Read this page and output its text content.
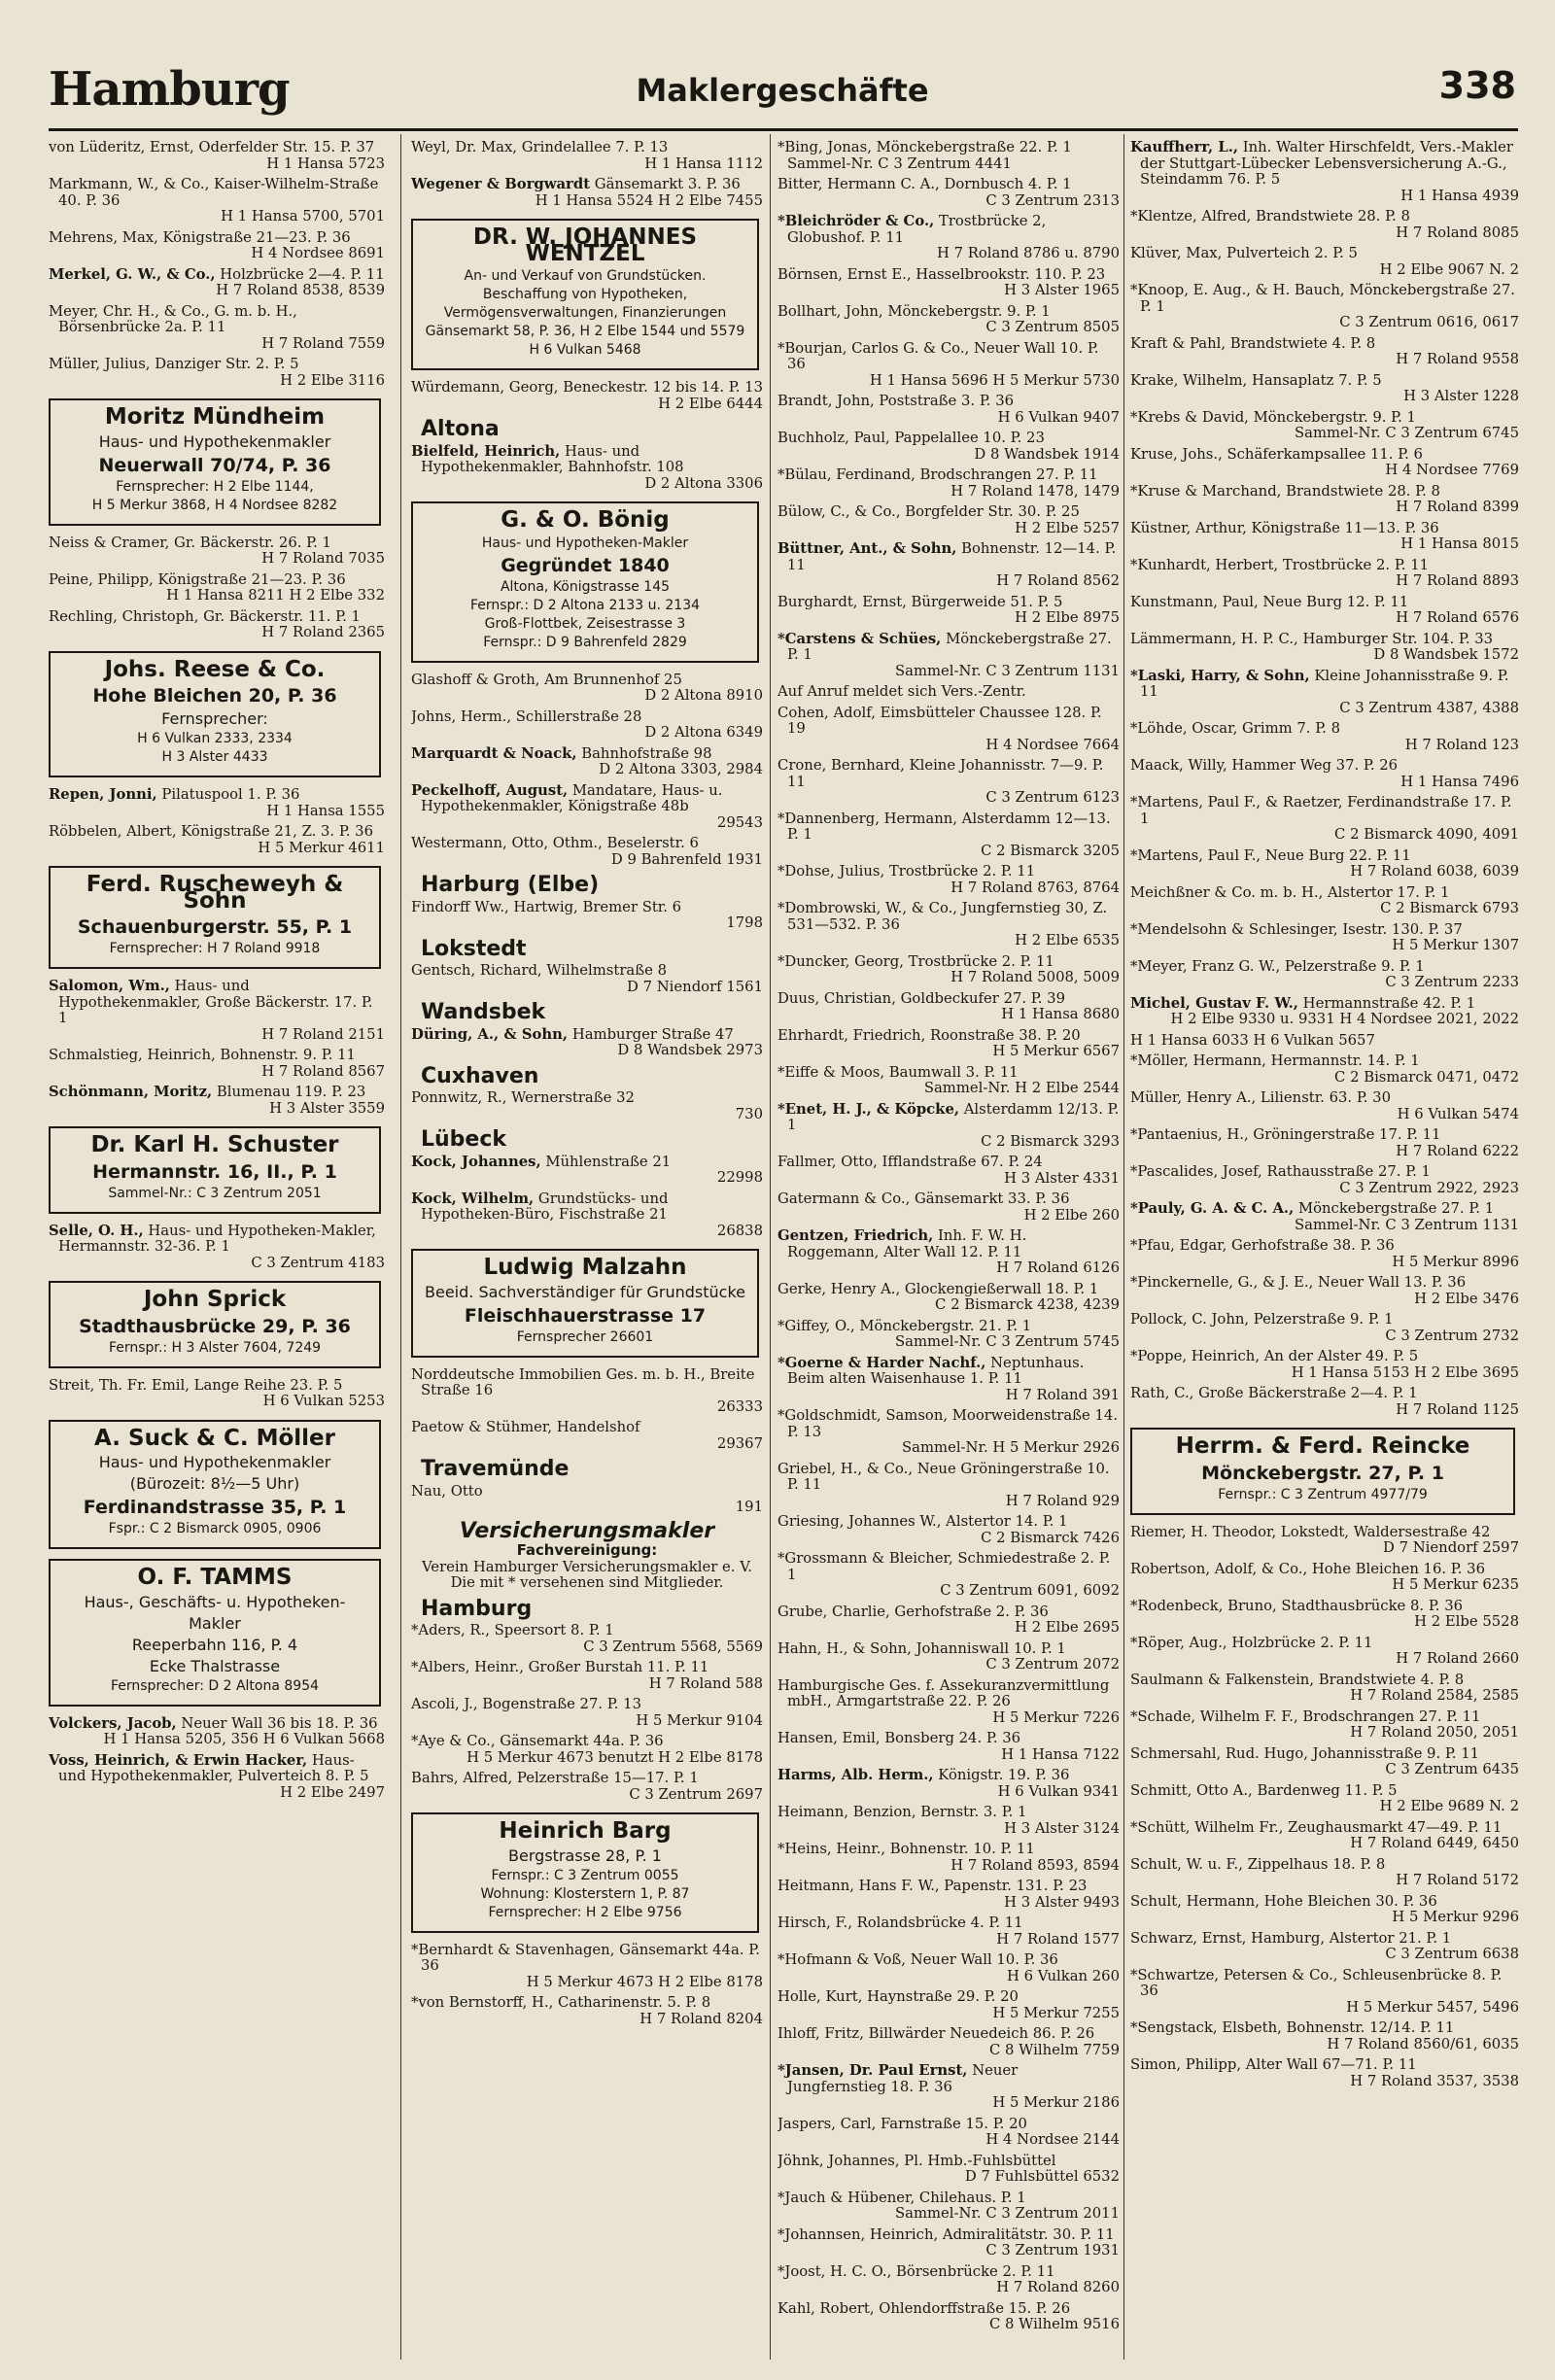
Hamburg	Maklergeschäfte	338
von Lüderitz, Ernst, Oderfelder Str. 15. P. 37
H 1 Hansa 5723
Markmann, W., & Co., Kaiser-Wilhelm-Straße 40. P. 36
H 1 Hansa 5700, 5701
Mehrens, Max, Königstraße 21—23. P. 36
H 4 Nordsee 8691
Merkel, G. W., & Co., Holzbrücke 2—4. P. 11
H 7 Roland 8538, 8539
Meyer, Chr. H., & Co., G. m. b. H., Börsenbrücke 2a. P. 11
H 7 Roland 7559
Müller, Julius, Danziger Str. 2. P. 5
H 2 Elbe 3116
Moritz Mündheim
Haus- und Hypothekenmakler
Neuerwall 70/74, P. 36
Fernsprecher: H 2 Elbe 1144,
H 5 Merkur 3868, H 4 Nordsee 8282
Neiss & Cramer, Gr. Bäckerstr. 26. P. 1
H 7 Roland 7035
Peine, Philipp, Königstraße 21—23. P. 36
H 1 Hansa 8211 H 2 Elbe 332
Rechling, Christoph, Gr. Bäckerstr. 11. P. 1
H 7 Roland 2365
Johs. Reese & Co.
Hohe Bleichen 20, P. 36
Fernsprecher:
H 6 Vulkan 2333, 2334
H 3 Alster 4433
Repen, Jonni, Pilatuspool 1. P. 36
H 1 Hansa 1555
Röbbelen, Albert, Königstraße 21, Z. 3. P. 36
H 5 Merkur 4611
Ferd. Ruscheweyh & Sohn
Schauenburgerstr. 55, P. 1
Fernsprecher: H 7 Roland 9918
Salomon, Wm., Haus- und Hypothekenmakler, Große Bäckerstr. 17. P. 1
H 7 Roland 2151
Schmalstieg, Heinrich, Bohnenstr. 9. P. 11
H 7 Roland 8567
Schönmann, Moritz, Blumenau 119. P. 23
H 3 Alster 3559
Dr. Karl H. Schuster
Hermannstr. 16, II., P. 1
Sammel-Nr.: C 3 Zentrum 2051
Selle, O. H., Haus- und Hypotheken-Makler, Hermannstr. 32-36. P. 1
C 3 Zentrum 4183
John Sprick
Stadthausbrücke 29, P. 36
Fernspr.: H 3 Alster 7604, 7249
Streit, Th. Fr. Emil, Lange Reihe 23. P. 5
H 6 Vulkan 5253
A. Suck & C. Möller
Haus- und Hypothekenmakler
(Bürozeit: 8½—5 Uhr)
Ferdinandstrasse 35, P. 1
Fspr.: C 2 Bismarck 0905, 0906
O. F. TAMMS
Haus-, Geschäfts- u. Hypotheken-
Makler
Reeperbahn 116, P. 4
Ecke Thalstrasse
Fernsprecher: D 2 Altona 8954
Volckers, Jacob, Neuer Wall 36 bis 18. P. 36
H 1 Hansa 5205, 356 H 6 Vulkan 5668
Voss, Heinrich, & Erwin Hacker, Haus- und Hypothekenmakler, Pulverteich 8. P. 5
H 2 Elbe 2497
Weyl, Dr. Max, Grindelallee 7. P. 13
H 1 Hansa 1112
Wegener & Borgwardt Gänsemarkt 3. P. 36
H 1 Hansa 5524 H 2 Elbe 7455
DR. W. JOHANNES WENTZEL
An- und Verkauf von Grundstücken. Beschaffung von Hypotheken, Vermögensverwaltungen, Finanzierungen
Gänsemarkt 58, P. 36, H 2 Elbe 1544 und 5579 H 6 Vulkan 5468
Würdemann, Georg, Beneckestr. 12 bis 14. P. 13
H 2 Elbe 6444
Altona
Bielfeld, Heinrich, Haus- und Hypothekenmakler, Bahnhofstr. 108
D 2 Altona 3306
G. & O. Bönig
Haus- und Hypotheken-Makler
Gegründet 1840
Altona, Königstrasse 145
Fernspr.: D 2 Altona 2133 u. 2134
Groß-Flottbek, Zeisestrasse 3
Fernspr.: D 9 Bahrenfeld 2829
Glashoff & Groth, Am Brunnenhof 25
D 2 Altona 8910
Johns, Herm., Schillerstraße 28
D 2 Altona 6349
Marquardt & Noack, Bahnhofstraße 98
D 2 Altona 3303, 2984
Peckelhoff, August, Mandatare, Haus- u. Hypothekenmakler, Königstraße 48b
29543
Westermann, Otto, Othm., Beselerstr. 6
D 9 Bahrenfeld 1931
Harburg (Elbe)
Findorff Ww., Hartwig, Bremer Str. 6
1798
Lokstedt
Gentsch, Richard, Wilhelmstraße 8
D 7 Niendorf 1561
Wandsbek
Düring, A., & Sohn, Hamburger Straße 47
D 8 Wandsbek 2973
Cuxhaven
Ponnwitz, R., Wernerstraße 32
730
Lübeck
Kock, Johannes, Mühlenstraße 21
22998
Kock, Wilhelm, Grundstücks- und Hypotheken-Büro, Fischstraße 21
26838
Ludwig Malzahn
Beeid. Sachverständiger für Grundstücke
Fleischhauerstrasse 17
Fernsprecher 26601
Norddeutsche Immobilien Ges. m. b. H., Breite Straße 16
26333
Paetow & Stühmer, Handelshof
29367
Travemünde
Nau, Otto
191
Versicherungsmakler
Fachvereinigung:
Verein Hamburger Versicherungsmakler e. V.
Die mit * versehenen sind Mitglieder.
Hamburg
*Aders, R., Speersort 8. P. 1
C 3 Zentrum 5568, 5569
*Albers, Heinr., Großer Burstah 11. P. 11
H 7 Roland 588
Ascoli, J., Bogenstraße 27. P. 13
H 5 Merkur 9104
*Aye & Co., Gänsemarkt 44a. P. 36
H 5 Merkur 4673 benutzt H 2 Elbe 8178
Bahrs, Alfred, Pelzerstraße 15—17. P. 1
C 3 Zentrum 2697
Heinrich Barg
Bergstrasse 28, P. 1
Fernspr.: C 3 Zentrum 0055
Wohnung: Klosterstern 1, P. 87
Fernsprecher: H 2 Elbe 9756
*Bernhardt & Stavenhagen, Gänsemarkt 44a. P. 36
H 5 Merkur 4673 H 2 Elbe 8178
*von Bernstorff, H., Catharinenstr. 5. P. 8
H 7 Roland 8204
*Bing, Jonas, Mönckebergstraße 22. P. 1 Sammel-Nr. C 3 Zentrum 4441
Bitter, Hermann C. A., Dornbusch 4. P. 1
C 3 Zentrum 2313
*Bleichröder & Co., Trostbrücke 2, Globushof. P. 11
H 7 Roland 8786 u. 8790
Börnsen, Ernst E., Hasselbrookstr. 110. P. 23
H 3 Alster 1965
Bollhart, John, Mönckebergstr. 9. P. 1
C 3 Zentrum 8505
*Bourjan, Carlos G. & Co., Neuer Wall 10. P. 36
H 1 Hansa 5696 H 5 Merkur 5730
Brandt, John, Poststraße 3. P. 36
H 6 Vulkan 9407
Buchholz, Paul, Pappelallee 10. P. 23
D 8 Wandsbek 1914
*Bülau, Ferdinand, Brodschrangen 27. P. 11
H 7 Roland 1478, 1479
Bülow, C., & Co., Borgfelder Str. 30. P. 25
H 2 Elbe 5257
Büttner, Ant., & Sohn, Bohnenstr. 12—14. P. 11
H 7 Roland 8562
Burghardt, Ernst, Bürgerweide 51. P. 5
H 2 Elbe 8975
*Carstens & Schües, Mönckebergstraße 27. P. 1
Sammel-Nr. C 3 Zentrum 1131
Auf Anruf meldet sich Vers.-Zentr.
Cohen, Adolf, Eimsbütteler Chaussee 128. P. 19
H 4 Nordsee 7664
Crone, Bernhard, Kleine Johannisstr. 7—9. P. 11
C 3 Zentrum 6123
*Dannenberg, Hermann, Alsterdamm 12—13. P. 1
C 2 Bismarck 3205
*Dohse, Julius, Trostbrücke 2. P. 11
H 7 Roland 8763, 8764
*Dombrowski, W., & Co., Jungfernstieg 30, Z. 531—532. P. 36
H 2 Elbe 6535
*Duncker, Georg, Trostbrücke 2. P. 11
H 7 Roland 5008, 5009
Duus, Christian, Goldbeckufer 27. P. 39
H 1 Hansa 8680
Ehrhardt, Friedrich, Roonstraße 38. P. 20
H 5 Merkur 6567
*Eiffe & Moos, Baumwall 3. P. 11
Sammel-Nr. H 2 Elbe 2544
*Enet, H. J., & Köpcke, Alsterdamm 12/13. P. 1
C 2 Bismarck 3293
Fallmer, Otto, Ifflandstraße 67. P. 24
H 3 Alster 4331
Gatermann & Co., Gänsemarkt 33. P. 36
H 2 Elbe 260
Gentzen, Friedrich, Inh. F. W. H. Roggemann, Alter Wall 12. P. 11
H 7 Roland 6126
Gerke, Henry A., Glockengießerwall 18. P. 1
C 2 Bismarck 4238, 4239
*Giffey, O., Mönckebergstr. 21. P. 1
Sammel-Nr. C 3 Zentrum 5745
*Goerne & Harder Nachf., Neptunhaus. Beim alten Waisenhause 1. P. 11
H 7 Roland 391
*Goldschmidt, Samson, Moorweidenstraße 14. P. 13
Sammel-Nr. H 5 Merkur 2926
Griebel, H., & Co., Neue Gröningerstraße 10. P. 11
H 7 Roland 929
Griesing, Johannes W., Alstertor 14. P. 1
C 2 Bismarck 7426
*Grossmann & Bleicher, Schmiedestraße 2. P. 1
C 3 Zentrum 6091, 6092
Grube, Charlie, Gerhofstraße 2. P. 36
H 2 Elbe 2695
Hahn, H., & Sohn, Johanniswall 10. P. 1
C 3 Zentrum 2072
Hamburgische Ges. f. Assekuranzvermittlung mbH., Armgartstraße 22. P. 26
H 5 Merkur 7226
Hansen, Emil, Bonsberg 24. P. 36
H 1 Hansa 7122
Harms, Alb. Herm., Königstr. 19. P. 36
H 6 Vulkan 9341
Heimann, Benzion, Bernstr. 3. P. 1
H 3 Alster 3124
*Heins, Heinr., Bohnenstr. 10. P. 11
H 7 Roland 8593, 8594
Heitmann, Hans F. W., Papenstr. 131. P. 23
H 3 Alster 9493
Hirsch, F., Rolandsbrücke 4. P. 11
H 7 Roland 1577
*Hofmann & Voß, Neuer Wall 10. P. 36
H 6 Vulkan 260
Holle, Kurt, Haynstraße 29. P. 20
H 5 Merkur 7255
Ihloff, Fritz, Billwärder Neuedeich 86. P. 26
C 8 Wilhelm 7759
*Jansen, Dr. Paul Ernst, Neuer Jungfernstieg 18. P. 36
H 5 Merkur 2186
Jaspers, Carl, Farnstraße 15. P. 20
H 4 Nordsee 2144
Jöhnk, Johannes, Pl. Hmb.-Fuhlsbüttel
D 7 Fuhlsbüttel 6532
*Jauch & Hübener, Chilehaus. P. 1
Sammel-Nr. C 3 Zentrum 2011
*Johannsen, Heinrich, Admiralitätstr. 30. P. 11
C 3 Zentrum 1931
*Joost, H. C. O., Börsenbrücke 2. P. 11
H 7 Roland 8260
Kahl, Robert, Ohlendorffstraße 15. P. 26
C 8 Wilhelm 9516
Kauffherr, L., Inh. Walter Hirschfeldt, Vers.-Makler der Stuttgart-Lübecker Lebensversicherung A.-G., Steindamm 76. P. 5
H 1 Hansa 4939
*Klentze, Alfred, Brandstwiete 28. P. 8
H 7 Roland 8085
Klüver, Max, Pulverteich 2. P. 5
H 2 Elbe 9067 N. 2
*Knoop, E. Aug., & H. Bauch, Mönckebergstraße 27. P. 1
C 3 Zentrum 0616, 0617
Kraft & Pahl, Brandstwiete 4. P. 8
H 7 Roland 9558
Krake, Wilhelm, Hansaplatz 7. P. 5
H 3 Alster 1228
*Krebs & David, Mönckebergstr. 9. P. 1
Sammel-Nr. C 3 Zentrum 6745
Kruse, Johs., Schäferkampsallee 11. P. 6
H 4 Nordsee 7769
*Kruse & Marchand, Brandstwiete 28. P. 8
H 7 Roland 8399
Küstner, Arthur, Königstraße 11—13. P. 36
H 1 Hansa 8015
*Kunhardt, Herbert, Trostbrücke 2. P. 11
H 7 Roland 8893
Kunstmann, Paul, Neue Burg 12. P. 11
H 7 Roland 6576
Lämmermann, H. P. C., Hamburger Str. 104. P. 33
D 8 Wandsbek 1572
*Laski, Harry, & Sohn, Kleine Johannisstraße 9. P. 11
C 3 Zentrum 4387, 4388
*Löhde, Oscar, Grimm 7. P. 8
H 7 Roland 123
Maack, Willy, Hammer Weg 37. P. 26
H 1 Hansa 7496
*Martens, Paul F., & Raetzer, Ferdinandstraße 17. P. 1
C 2 Bismarck 4090, 4091
*Martens, Paul F., Neue Burg 22. P. 11
H 7 Roland 6038, 6039
Meichßner & Co. m. b. H., Alstertor 17. P. 1
C 2 Bismarck 6793
*Mendelsohn & Schlesinger, Isestr. 130. P. 37
H 5 Merkur 1307
*Meyer, Franz G. W., Pelzerstraße 9. P. 1
C 3 Zentrum 2233
Michel, Gustav F. W., Hermannstraße 42. P. 1
H 2 Elbe 9330 u. 9331 H 4 Nordsee 2021, 2022
H 1 Hansa 6033 H 6 Vulkan 5657
*Möller, Hermann, Hermannstr. 14. P. 1
C 2 Bismarck 0471, 0472
Müller, Henry A., Lilienstr. 63. P. 30
H 6 Vulkan 5474
*Pantaenius, H., Gröningerstraße 17. P. 11
H 7 Roland 6222
*Pascalides, Josef, Rathausstraße 27. P. 1
C 3 Zentrum 2922, 2923
*Pauly, G. A. & C. A., Mönckebergstraße 27. P. 1
Sammel-Nr. C 3 Zentrum 1131
*Pfau, Edgar, Gerhofstraße 38. P. 36
H 5 Merkur 8996
*Pinckernelle, G., & J. E., Neuer Wall 13. P. 36
H 2 Elbe 3476
Pollock, C. John, Pelzerstraße 9. P. 1
C 3 Zentrum 2732
*Poppe, Heinrich, An der Alster 49. P. 5
H 1 Hansa 5153 H 2 Elbe 3695
Rath, C., Große Bäckerstraße 2—4. P. 1
H 7 Roland 1125
Herrm. & Ferd. Reincke
Mönckebergstr. 27, P. 1
Fernspr.: C 3 Zentrum 4977/79
Riemer, H. Theodor, Lokstedt, Waldersestraße 42
D 7 Niendorf 2597
Robertson, Adolf, & Co., Hohe Bleichen 16. P. 36
H 5 Merkur 6235
*Rodenbeck, Bruno, Stadthausbrücke 8. P. 36
H 2 Elbe 5528
*Röper, Aug., Holzbrücke 2. P. 11
H 7 Roland 2660
Saulmann & Falkenstein, Brandstwiete 4. P. 8
H 7 Roland 2584, 2585
*Schade, Wilhelm F. F., Brodschrangen 27. P. 11
H 7 Roland 2050, 2051
Schmersahl, Rud. Hugo, Johannisstraße 9. P. 11
C 3 Zentrum 6435
Schmitt, Otto A., Bardenweg 11. P. 5
H 2 Elbe 9689 N. 2
*Schütt, Wilhelm Fr., Zeughausmarkt 47—49. P. 11
H 7 Roland 6449, 6450
Schult, W. u. F., Zippelhaus 18. P. 8
H 7 Roland 5172
Schult, Hermann, Hohe Bleichen 30. P. 36
H 5 Merkur 9296
Schwarz, Ernst, Hamburg, Alstertor 21. P. 1
C 3 Zentrum 6638
*Schwartze, Petersen & Co., Schleusenbrücke 8. P. 36
H 5 Merkur 5457, 5496
*Sengstack, Elsbeth, Bohnenstr. 12/14. P. 11
H 7 Roland 8560/61, 6035
Simon, Philipp, Alter Wall 67—71. P. 11
H 7 Roland 3537, 3538
